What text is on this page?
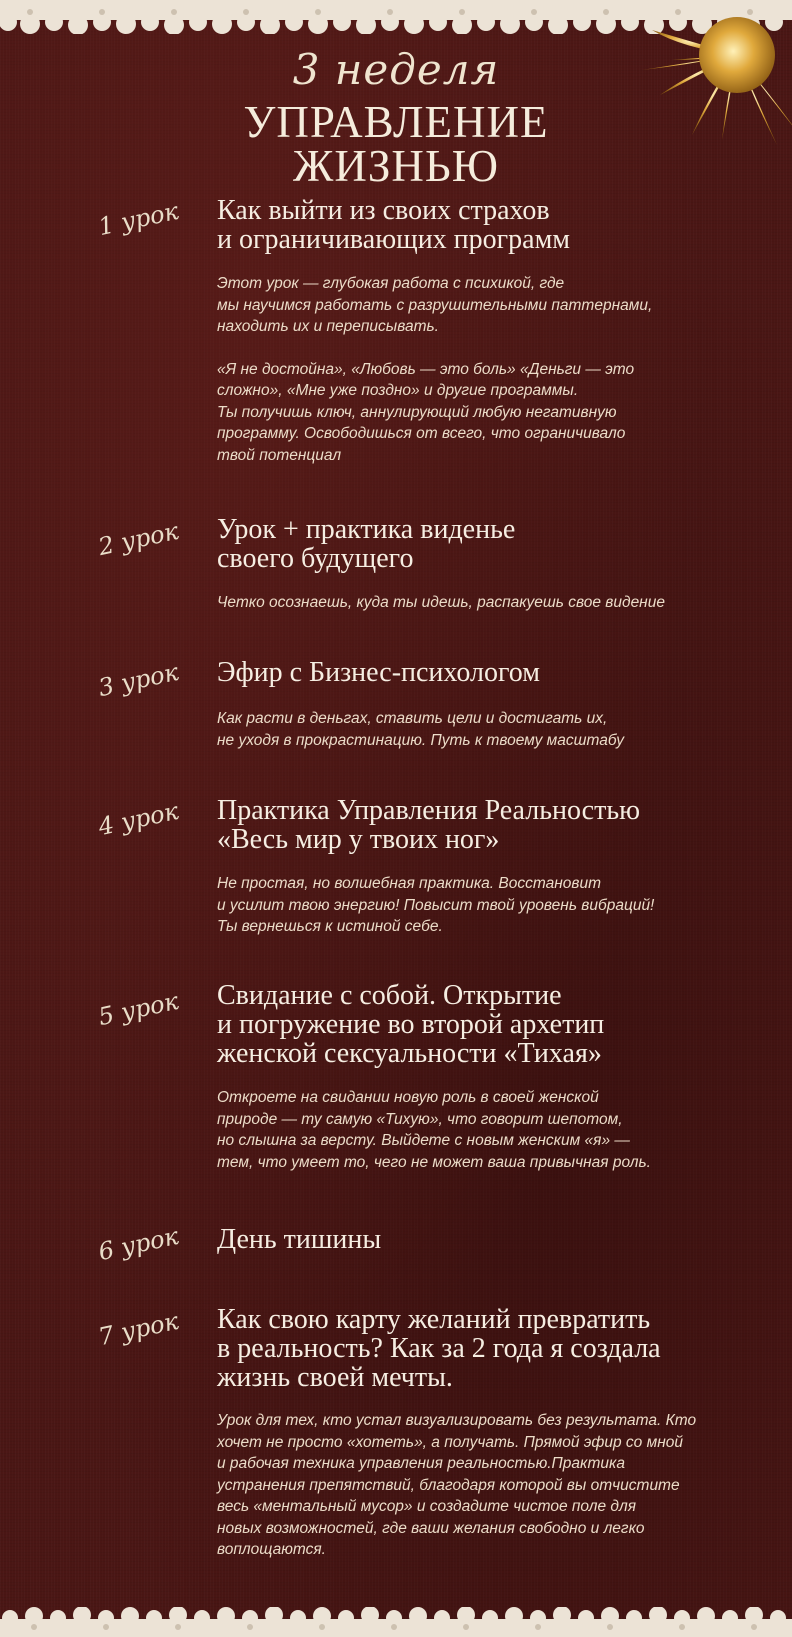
3 неделя
УПРАВЛЕНИЕ
ЖИЗНЬЮ
1 урок Как выйти из своих страхов
и ограничивающих программ

Этот урок — глубокая работа с психикой, где
мы научимся работать с разрушительными паттернами,
находить их и переписывать.

«Я не достойна», «Любовь — это боль» «Деньги — это
сложно», «Мне уже поздно» и другие программы.
Ты получишь ключ, аннулирующий любую негативную
программу. Освободишься от всего, что ограничивало
твой потенциал

2 урок Урок + практика виденье
своего будущего

Четко осознаешь, куда ты идешь, распакуешь свое видение

3 урок Эфир с Бизнес-психологом

Как расти в деньгах, ставить цели и достигать их,
не уходя в прокрастинацию. Путь к твоему масштабу

4 урок Практика Управления Реальностью
«Весь мир у твоих ног»

Не простая, но волшебная практика. Восстановит
и усилит твою энергию! Повысит твой уровень вибраций!
Ты вернешься к истиной себе.

5 урок Свидание с собой. Открытие
и погружение во второй архетип
женской сексуальности «Тихая»

Откроете на свидании новую роль в своей женской
природе — ту самую «Тихую», что говорит шепотом,
но слышна за версту. Выйдете с новым женским «я» —
тем, что умеет то, чего не может ваша привычная роль.

6 урок День тишины
7 урок Как свою карту желаний превратить
в реальность? Как за 2 года я создала
жизнь своей мечты.

Урок для тех, кто устал визуализировать без результата. Кто
хочет не просто «хотеть», а получать. Прямой эфир со мной
и рабочая техника управления реальностью.Практика
устранения препятствий, благодаря которой вы отчистите
весь «ментальный мусор» и создадите чистое поле для
новых возможностей, где ваши желания свободно и легко
воплощаются.
